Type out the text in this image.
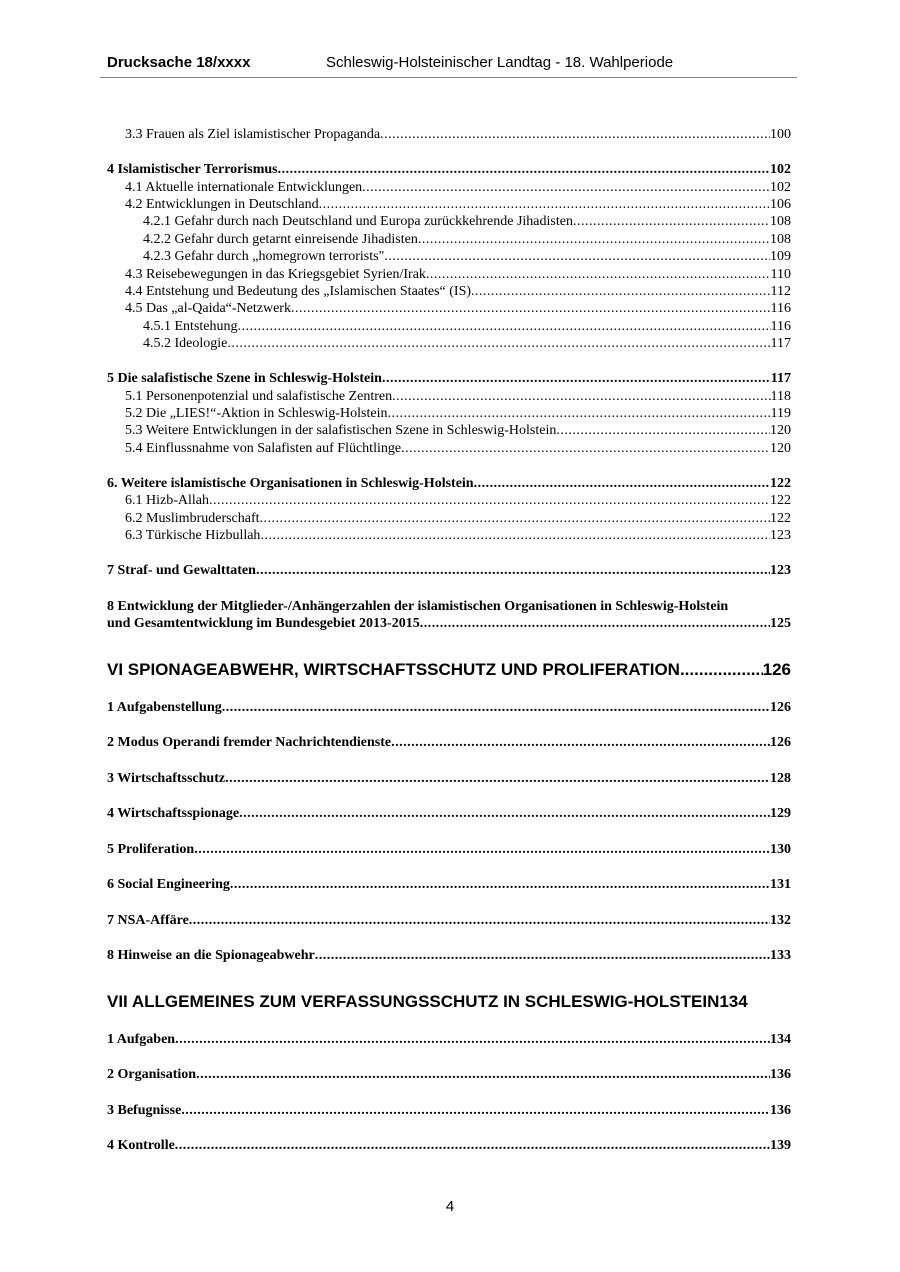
Drucksache 18/xxxx	Schleswig-Holsteinischer Landtag - 18. Wahlperiode
3.3 Frauen als Ziel islamistischer Propaganda .....	100
4 Islamistischer Terrorismus .....	102
4.1 Aktuelle internationale Entwicklungen .....	102
4.2 Entwicklungen in Deutschland .....	106
4.2.1 Gefahr durch nach Deutschland und Europa zurückkehrende Jihadisten .....	108
4.2.2 Gefahr durch getarnt einreisende Jihadisten .....	108
4.2.3 Gefahr durch „homegrown terrorists" .....	109
4.3 Reisebewegungen in das Kriegsgebiet Syrien/Irak .....	110
4.4 Entstehung und Bedeutung des „Islamischen Staates“ (IS) .....	112
4.5 Das „al-Qaida“-Netzwerk .....	116
4.5.1 Entstehung .....	116
4.5.2 Ideologie .....	117
5 Die salafistische Szene in Schleswig-Holstein .....	117
5.1 Personenpotenzial und salafistische Zentren .....	118
5.2 Die „LIES!“-Aktion in Schleswig-Holstein .....	119
5.3 Weitere Entwicklungen in der salafistischen Szene in Schleswig-Holstein .....	120
5.4 Einflussnahme von Salafisten auf Flüchtlinge .....	120
6. Weitere islamistische Organisationen in Schleswig-Holstein .....	122
6.1 Hizb-Allah .....	122
6.2 Muslimbruderschaft .....	122
6.3 Türkische Hizbullah .....	123
7 Straf- und Gewalttaten .....	123
8 Entwicklung der Mitglieder-/Anhängerzahlen der islamistischen Organisationen in Schleswig-Holstein
und Gesamtentwicklung im Bundesgebiet 2013-2015 .....	125
VI SPIONAGEABWEHR, WIRTSCHAFTSSCHUTZ UND PROLIFERATION .....	126
1 Aufgabenstellung .....	126
2 Modus Operandi fremder Nachrichtendienste .....	126
3 Wirtschaftsschutz .....	128
4 Wirtschaftsspionage .....	129
5 Proliferation .....	130
6 Social Engineering .....	131
7 NSA-Affäre .....	132
8 Hinweise an die Spionageabwehr .....	133
VII ALLGEMEINES ZUM VERFASSUNGSSCHUTZ IN SCHLESWIG-HOLSTEIN 134
1 Aufgaben .....	134
2 Organisation .....	136
3 Befugnisse .....	136
4 Kontrolle .....	139
4
